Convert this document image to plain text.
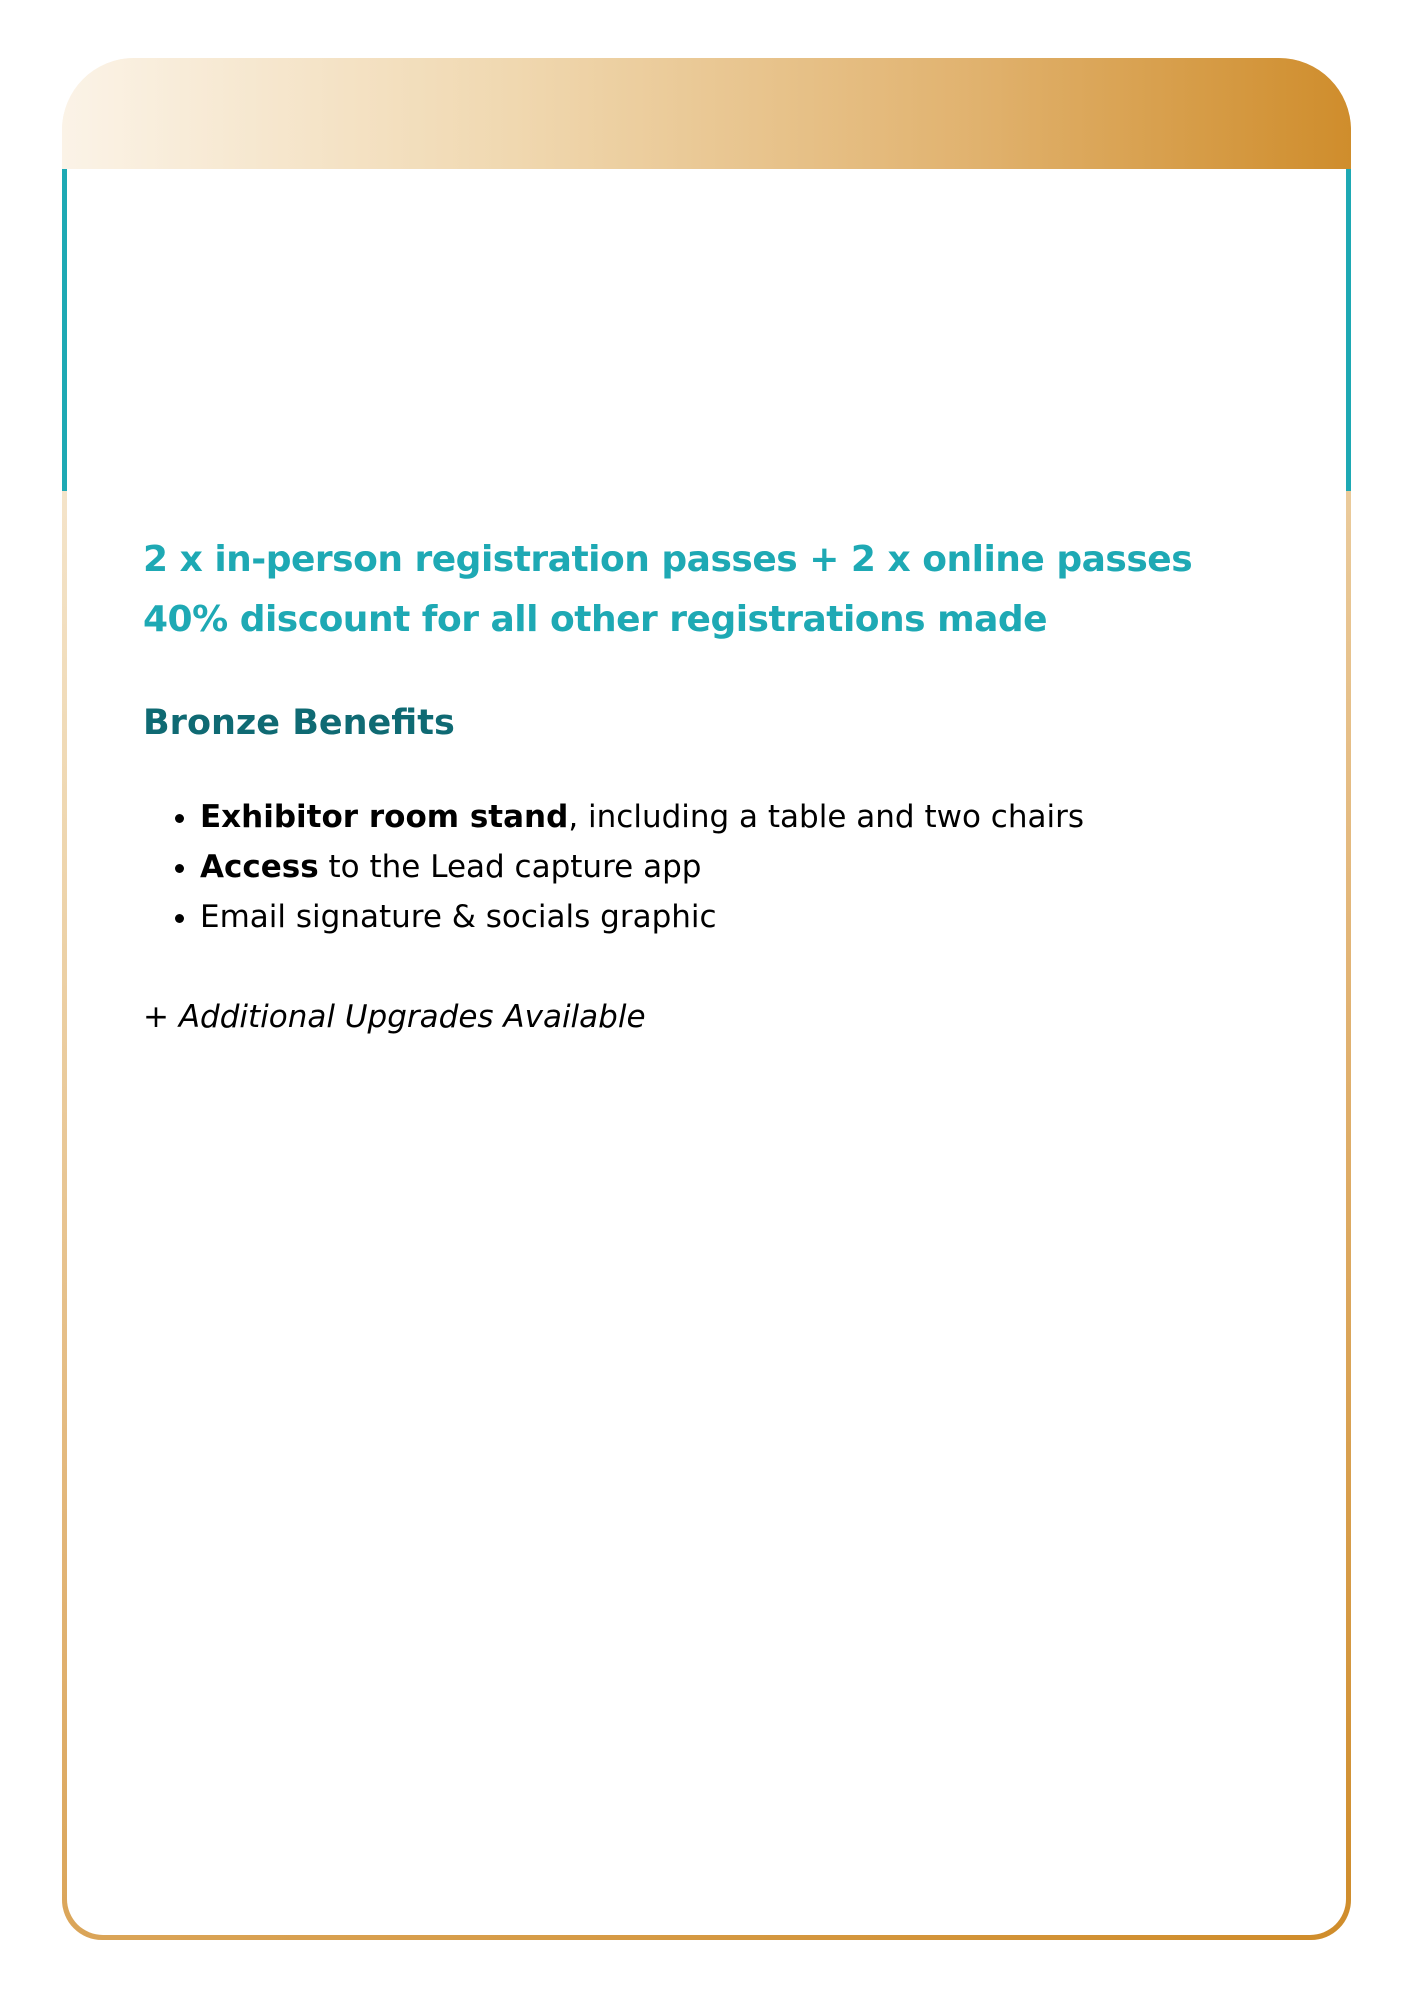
2 x in-person registration passes + 2 x online passes
40% discount for all other registrations made

Bronze Benefits
• Exhibitor room stand, including a table and two chairs
• Access to the Lead capture app
• Email signature & socials graphic

+ Additional Upgrades Available
